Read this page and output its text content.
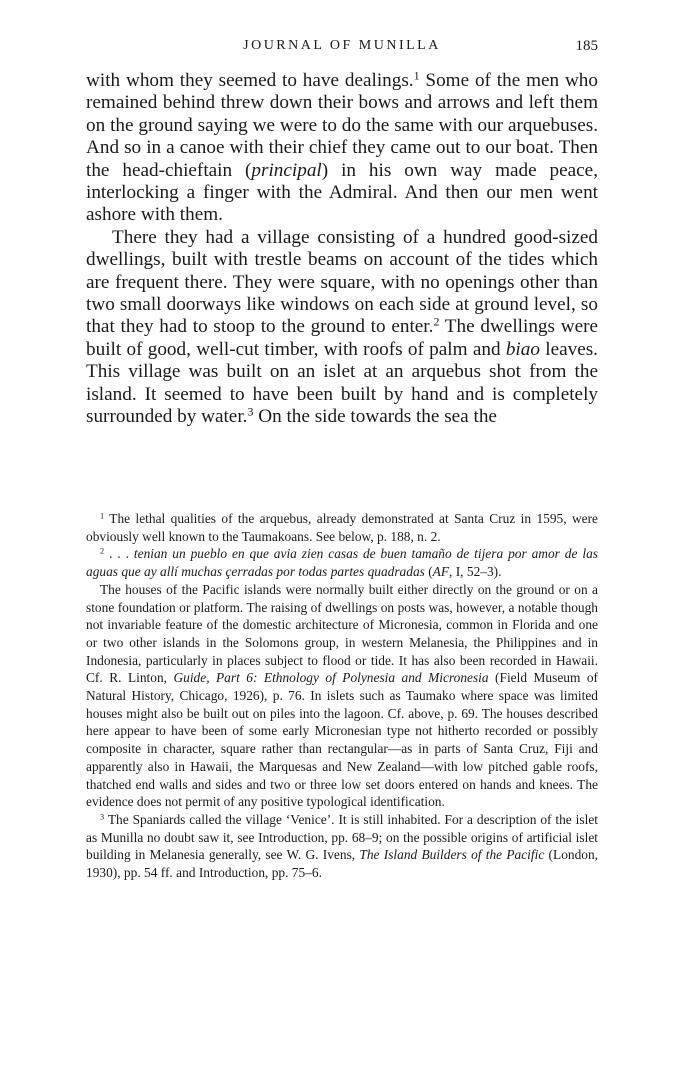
JOURNAL OF MUNILLA	185

with whom they seemed to have dealings.$^1$ Some of the men who remained behind threw down their bows and arrows and left them on the ground saying we were to do the same with our arquebuses. And so in a canoe with their chief they came out to our boat. Then the head-chieftain (principal) in his own way made peace, interlocking a finger with the Admiral. And then our men went ashore with them.

There they had a village consisting of a hundred good-sized dwellings, built with trestle beams on account of the tides which are frequent there. They were square, with no openings other than two small doorways like windows on each side at ground level, so that they had to stoop to the ground to enter.$^2$ The dwellings were built of good, well-cut timber, with roofs of palm and biao leaves. This village was built on an islet at an arquebus shot from the island. It seemed to have been built by hand and is completely surrounded by water.$^3$ On the side towards the sea the

$^1$ The lethal qualities of the arquebus, already demonstrated at Santa Cruz in 1595, were obviously well known to the Taumakoans. See below, p. 188, n. 2.

$^2$ . . . tenian un pueblo en que avia zien casas de buen tamaño de tijera por amor de las aguas que ay allí muchas çerradas por todas partes quadradas (AF, I, 52–3).

The houses of the Pacific islands were normally built either directly on the ground or on a stone foundation or platform. The raising of dwellings on posts was, however, a notable though not invariable feature of the domestic architecture of Micronesia, common in Florida and one or two other islands in the Solomons group, in western Melanesia, the Philippines and in Indonesia, particularly in places subject to flood or tide. It has also been recorded in Hawaii. Cf. R. Linton, Guide, Part 6: Ethnology of Polynesia and Micronesia (Field Museum of Natural History, Chicago, 1926), p. 76. In islets such as Taumako where space was limited houses might also be built out on piles into the lagoon. Cf. above, p. 69. The houses described here appear to have been of some early Micronesian type not hitherto recorded or possibly composite in character, square rather than rectangular—as in parts of Santa Cruz, Fiji and apparently also in Hawaii, the Marquesas and New Zealand—with low pitched gable roofs, thatched end walls and sides and two or three low set doors entered on hands and knees. The evidence does not permit of any positive typological identification.

$^3$ The Spaniards called the village ‘Venice’. It is still inhabited. For a description of the islet as Munilla no doubt saw it, see Introduction, pp. 68–9; on the possible origins of artificial islet building in Melanesia generally, see W. G. Ivens, The Island Builders of the Pacific (London, 1930), pp. 54 ff. and Introduction, pp. 75–6.
